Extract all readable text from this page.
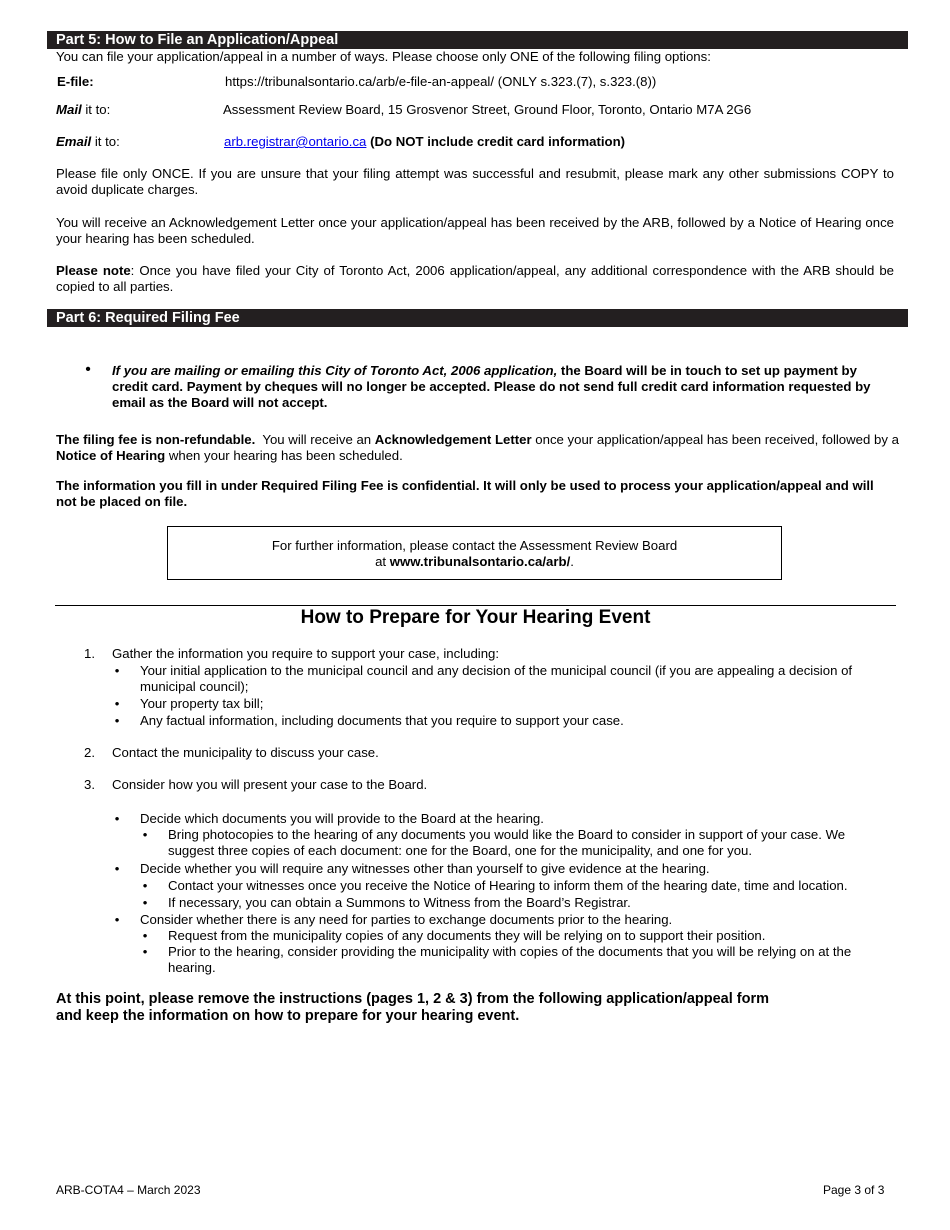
Part 5: How to File an Application/Appeal
You can file your application/appeal in a number of ways. Please choose only ONE of the following filing options:
E-file:	https://tribunalsontario.ca/arb/e-file-an-appeal/ (ONLY s.323.(7), s.323.(8))
Mail it to:	Assessment Review Board, 15 Grosvenor Street, Ground Floor, Toronto, Ontario M7A 2G6
Email it to:	arb.registrar@ontario.ca (Do NOT include credit card information)
Please file only ONCE. If you are unsure that your filing attempt was successful and resubmit, please mark any other submissions COPY to avoid duplicate charges.
You will receive an Acknowledgement Letter once your application/appeal has been received by the ARB, followed by a Notice of Hearing once your hearing has been scheduled.
Please note: Once you have filed your City of Toronto Act, 2006 application/appeal, any additional correspondence with the ARB should be copied to all parties.
Part 6: Required Filing Fee
• If you are mailing or emailing this City of Toronto Act, 2006 application, the Board will be in touch to set up payment by credit card. Payment by cheques will no longer be accepted. Please do not send full credit card information requested by email as the Board will not accept.
The filing fee is non-refundable.  You will receive an Acknowledgement Letter once your application/appeal has been received, followed by a Notice of Hearing when your hearing has been scheduled.
The information you fill in under Required Filing Fee is confidential. It will only be used to process your application/appeal and will not be placed on file.
For further information, please contact the Assessment Review Board
at www.tribunalsontario.ca/arb/.
How to Prepare for Your Hearing Event
1. Gather the information you require to support your case, including:
• Your initial application to the municipal council and any decision of the municipal council (if you are appealing a decision of municipal council);
• Your property tax bill;
• Any factual information, including documents that you require to support your case.
2. Contact the municipality to discuss your case.
3. Consider how you will present your case to the Board.
• Decide which documents you will provide to the Board at the hearing.
• Bring photocopies to the hearing of any documents you would like the Board to consider in support of your case. We suggest three copies of each document: one for the Board, one for the municipality, and one for you.
• Decide whether you will require any witnesses other than yourself to give evidence at the hearing.
• Contact your witnesses once you receive the Notice of Hearing to inform them of the hearing date, time and location.
• If necessary, you can obtain a Summons to Witness from the Board’s Registrar.
• Consider whether there is any need for parties to exchange documents prior to the hearing.
• Request from the municipality copies of any documents they will be relying on to support their position.
• Prior to the hearing, consider providing the municipality with copies of the documents that you will be relying on at the hearing.
At this point, please remove the instructions (pages 1, 2 & 3) from the following application/appeal form
and keep the information on how to prepare for your hearing event.
ARB-COTA4 – March 2023	Page 3 of 3
